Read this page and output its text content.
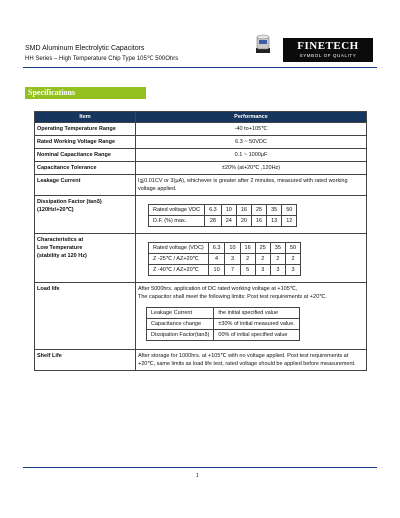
SMD Aluminum Electrolytic Capacitors
HH Series – High Temperature Chip Type 105℃ 500Ohrs
FINETECH
SYMBOL OF QUALITY
Specifications
Item	Performance
Operating Temperature Range	-40 to+105℃
Rated Working Voltage Range	6.3 ~ 50VDC
Nominal Capacitance Range	0.1 ~ 1000μF
Capacitance Tolerance	±20% (at+20℃ ,120Hz)
Leakage Current	I≦0.01CV or 3(μA), whichever is greater after 2 minutes, measured with rated working voltage applied.

Dissipation Factor (tanδ)
(120Hz\+20℃)
		Rated voltage VDC	6.3	10	16	25	35	50
D.F. (%) max.	28	24	20	16	13	12

Characteristics at
Low Temperature
(stability at 120 Hz)

Rated voltage (VDC)	6.3	10	16	25	35	50
Z -25℃ / AZ+20℃	4	3	2	2	2	2
Z -40℃ / AZ+20℃	10	7	5	3	3	3

Load life	After 5000hrs. application of DC rated working voltage at +105℃,
The capacitor shall meet the following limits: Post test requirements at +20℃.
Leakage Current	the initial specified value
Capacitance change	±30% of initial measured value.
Dissipation Factor(tanδ)	00% of initial specified value

Shelf Life	After storage for 1000hrs. at +105℃ with no voltage applied. Post test requirements at +20℃, same limits as load life test, rated voltage should be applied before measurement.
1
